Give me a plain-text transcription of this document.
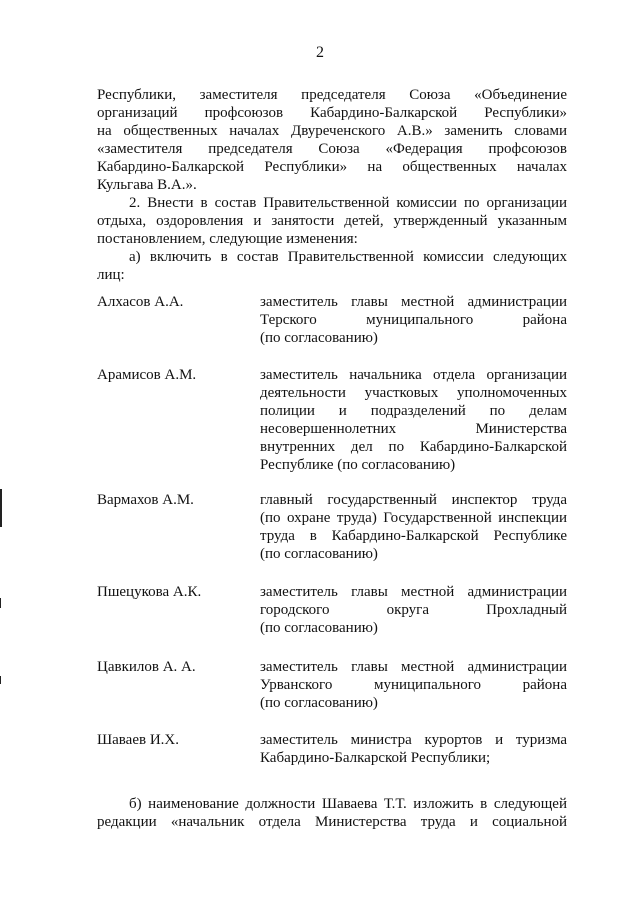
2

Республики, заместителя председателя Союза «Объединение
организаций профсоюзов Кабардино-Балкарской Республики»
на общественных началах Двуреченского А.В.» заменить словами
«заместителя председателя Союза «Федерация профсоюзов
Кабардино-Балкарской Республики» на общественных началах
Кульгава В.А.».

2. Внести в состав Правительственной комиссии по организации
отдыха, оздоровления и занятости детей, утвержденный указанным
постановлением, следующие изменения:

а) включить в состав Правительственной комиссии следующих
лиц:

Алхасов А.А.	заместитель главы местной администрации
Терского муниципального района
(по согласованию)
Арамисов А.М.	заместитель начальника отдела организации
деятельности участковых уполномоченных
полиции и подразделений по делам
несовершеннолетних Министерства
внутренних дел по Кабардино-Балкарской
Республике (по согласованию)
Вармахов А.М.	главный государственный инспектор труда
(по охране труда) Государственной инспекции
труда в Кабардино-Балкарской Республике
(по согласованию)
Пшецукова А.К.	заместитель главы местной администрации
городского округа Прохладный
(по согласованию)
Цавкилов А. А.	заместитель главы местной администрации
Урванского муниципального района
(по согласованию)
Шаваев И.Х.	заместитель министра курортов и туризма
Кабардино-Балкарской Республики;

б) наименование должности Шаваева Т.Т. изложить в следующей
редакции «начальник отдела Министерства труда и социальной
